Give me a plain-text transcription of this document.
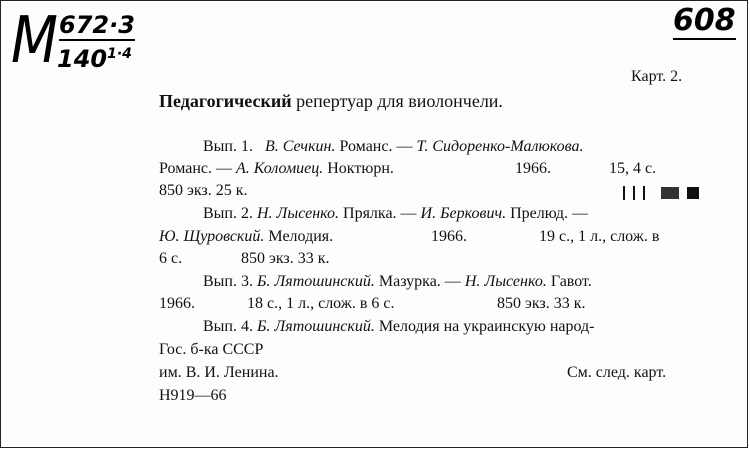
М 672·3
$140^{1\cdot 4}$
608
Карт. 2.
Педагогический репертуар для виолончели.
Вып. 1. В. Сечкин. Романс. — Т. Сидоренко-Малюкова.
Романс. — А. Коломиец. Ноктюрн.	1966.	15, 4 с.
850 экз. 25 к.

Вып. 2. Н. Лысенко. Прялка. — И. Беркович. Прелюд. —
Ю. Щуровский. Мелодия.	1966.	19 с., 1 л., слож. в
6 с.	850 экз. 33 к.
Вып. 3. Б. Лятошинский. Мазурка. — Н. Лысенко. Гавот.
1966.	18 с., 1 л., слож. в 6 с.	850 экз. 33 к.
Вып. 4. Б. Лятошинский. Мелодия на украинскую народ-
Гос. б-ка СССР
им. В. И. Ленина.	См. след. карт.
Н919—66
